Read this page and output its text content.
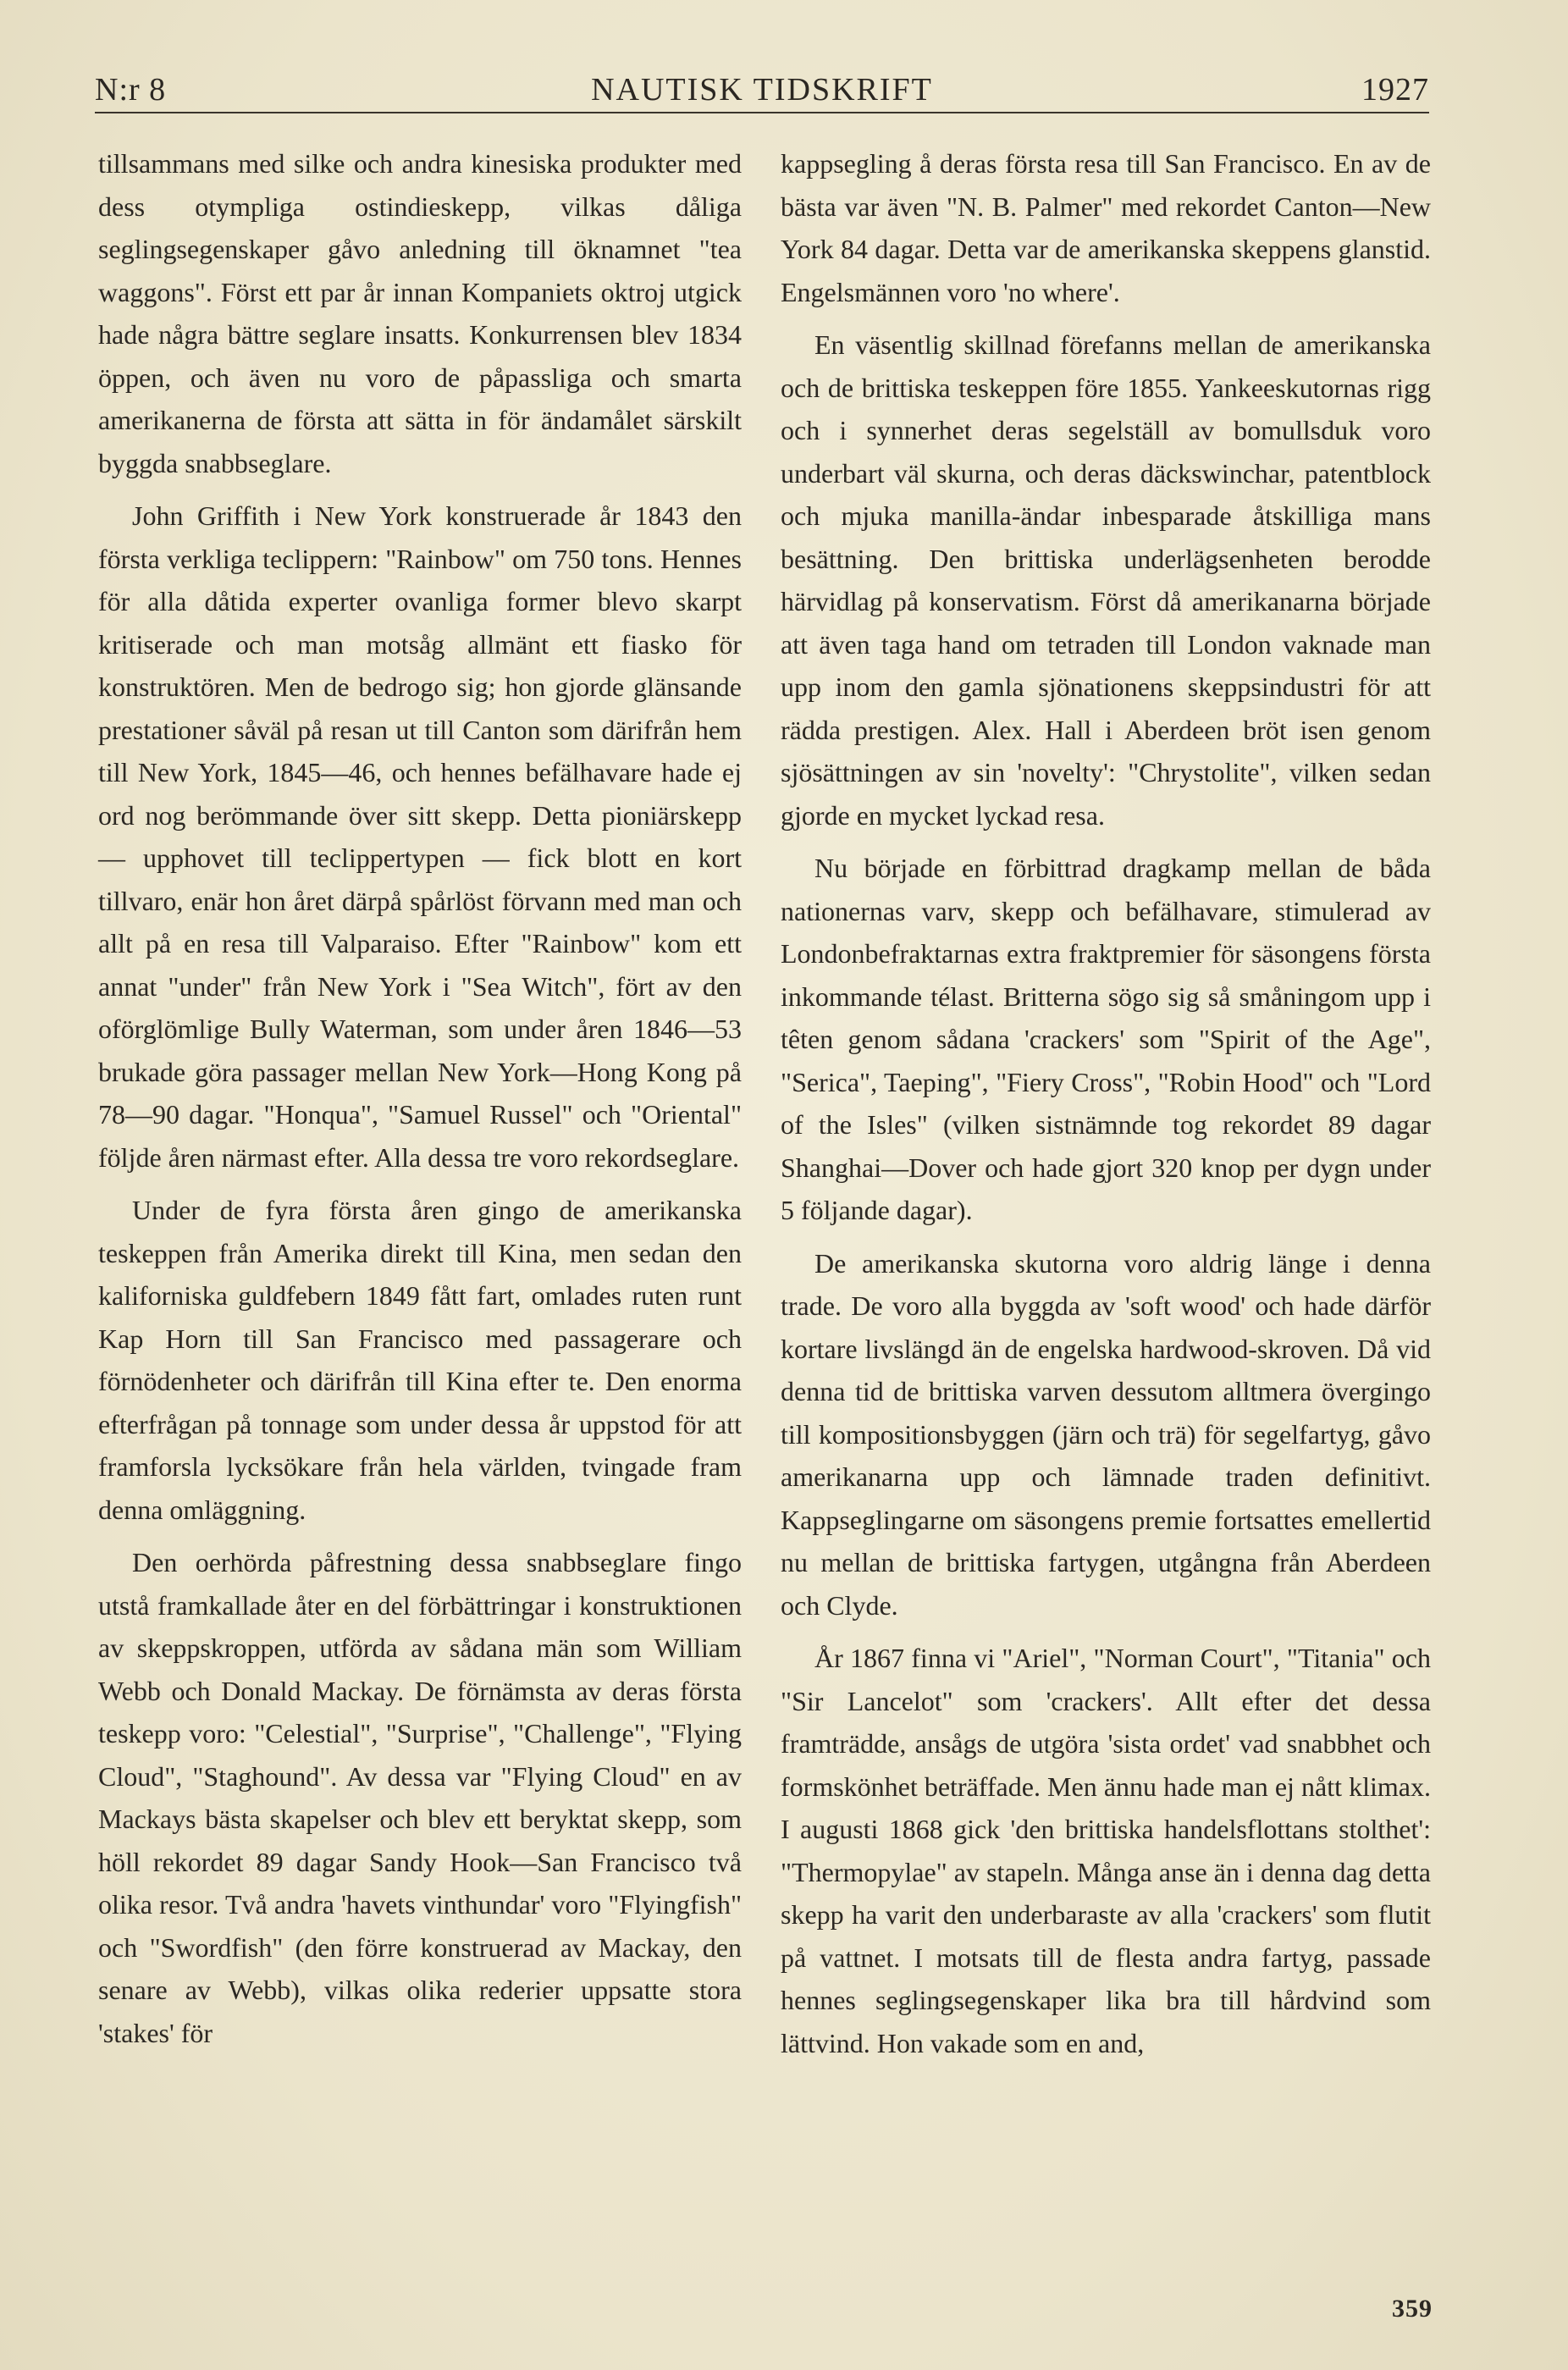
N:r 8	NAUTISK TIDSKRIFT	1927

tillsammans med silke och andra kinesiska produkter med dess otympliga ostindieskepp, vilkas dåliga seglingsegenskaper gåvo anledning till öknamnet "tea waggons". Först ett par år innan Kompaniets oktroj utgick hade några bättre seglare insatts. Konkurrensen blev 1834 öppen, och även nu voro de påpassliga och smarta amerikanerna de första att sätta in för ändamålet särskilt byggda snabbseglare.

John Griffith i New York konstruerade år 1843 den första verkliga teclippern: "Rainbow" om 750 tons. Hennes för alla dåtida experter ovanliga former blevo skarpt kritiserade och man motsåg allmänt ett fiasko för konstruktören. Men de bedrogo sig; hon gjorde glänsande prestationer såväl på resan ut till Canton som därifrån hem till New York, 1845—46, och hennes befälhavare hade ej ord nog berömmande över sitt skepp. Detta pioniärskepp — upphovet till teclippertypen — fick blott en kort tillvaro, enär hon året därpå spårlöst förvann med man och allt på en resa till Valparaiso. Efter "Rainbow" kom ett annat "under" från New York i "Sea Witch", fört av den oförglömlige Bully Waterman, som under åren 1846—53 brukade göra passager mellan New York—Hong Kong på 78—90 dagar. "Honqua", "Samuel Russel" och "Oriental" följde åren närmast efter. Alla dessa tre voro rekordseglare.

Under de fyra första åren gingo de amerikanska teskeppen från Amerika direkt till Kina, men sedan den kaliforniska guldfebern 1849 fått fart, omlades ruten runt Kap Horn till San Francisco med passagerare och förnödenheter och därifrån till Kina efter te. Den enorma efterfrågan på tonnage som under dessa år uppstod för att framforsla lycksökare från hela världen, tvingade fram denna omläggning.

Den oerhörda påfrestning dessa snabbseglare fingo utstå framkallade åter en del förbättringar i konstruktionen av skeppskroppen, utförda av sådana män som William Webb och Donald Mackay. De förnämsta av deras första teskepp voro: "Celestial", "Surprise", "Challenge", "Flying Cloud", "Staghound". Av dessa var "Flying Cloud" en av Mackays bästa skapelser och blev ett beryktat skepp, som höll rekordet 89 dagar Sandy Hook—San Francisco två olika resor. Två andra 'havets vinthundar' voro "Flyingfish" och "Swordfish" (den förre konstruerad av Mackay, den senare av Webb), vilkas olika rederier uppsatte stora 'stakes' för

kappsegling å deras första resa till San Francisco. En av de bästa var även "N. B. Palmer" med rekordet Canton—New York 84 dagar. Detta var de amerikanska skeppens glanstid. Engelsmännen voro 'no where'.

En väsentlig skillnad förefanns mellan de amerikanska och de brittiska teskeppen före 1855. Yankeeskutornas rigg och i synnerhet deras segelställ av bomullsduk voro underbart väl skurna, och deras däckswinchar, patentblock och mjuka manilla-ändar inbesparade åtskilliga mans besättning. Den brittiska underlägsenheten berodde härvidlag på konservatism. Först då amerikanarna började att även taga hand om tetraden till London vaknade man upp inom den gamla sjönationens skeppsindustri för att rädda prestigen. Alex. Hall i Aberdeen bröt isen genom sjösättningen av sin 'novelty': "Chrystolite", vilken sedan gjorde en mycket lyckad resa.

Nu började en förbittrad dragkamp mellan de båda nationernas varv, skepp och befälhavare, stimulerad av Londonbefraktarnas extra fraktpremier för säsongens första inkommande télast. Britterna sögo sig så småningom upp i têten genom sådana 'crackers' som "Spirit of the Age", "Serica", Taeping", "Fiery Cross", "Robin Hood" och "Lord of the Isles" (vilken sistnämnde tog rekordet 89 dagar Shanghai—Dover och hade gjort 320 knop per dygn under 5 följande dagar).

De amerikanska skutorna voro aldrig länge i denna trade. De voro alla byggda av 'soft wood' och hade därför kortare livslängd än de engelska hardwood-skroven. Då vid denna tid de brittiska varven dessutom alltmera övergingo till kompositionsbyggen (järn och trä) för segelfartyg, gåvo amerikanarna upp och lämnade traden definitivt. Kappseglingarne om säsongens premie fortsattes emellertid nu mellan de brittiska fartygen, utgångna från Aberdeen och Clyde.

År 1867 finna vi "Ariel", "Norman Court", "Titania" och "Sir Lancelot" som 'crackers'. Allt efter det dessa framträdde, ansågs de utgöra 'sista ordet' vad snabbhet och formskönhet beträffade. Men ännu hade man ej nått klimax. I augusti 1868 gick 'den brittiska handelsflottans stolthet': "Thermopylae" av stapeln. Många anse än i denna dag detta skepp ha varit den underbaraste av alla 'crackers' som flutit på vattnet. I motsats till de flesta andra fartyg, passade hennes seglingsegenskaper lika bra till hårdvind som lättvind. Hon vakade som en and,

359
